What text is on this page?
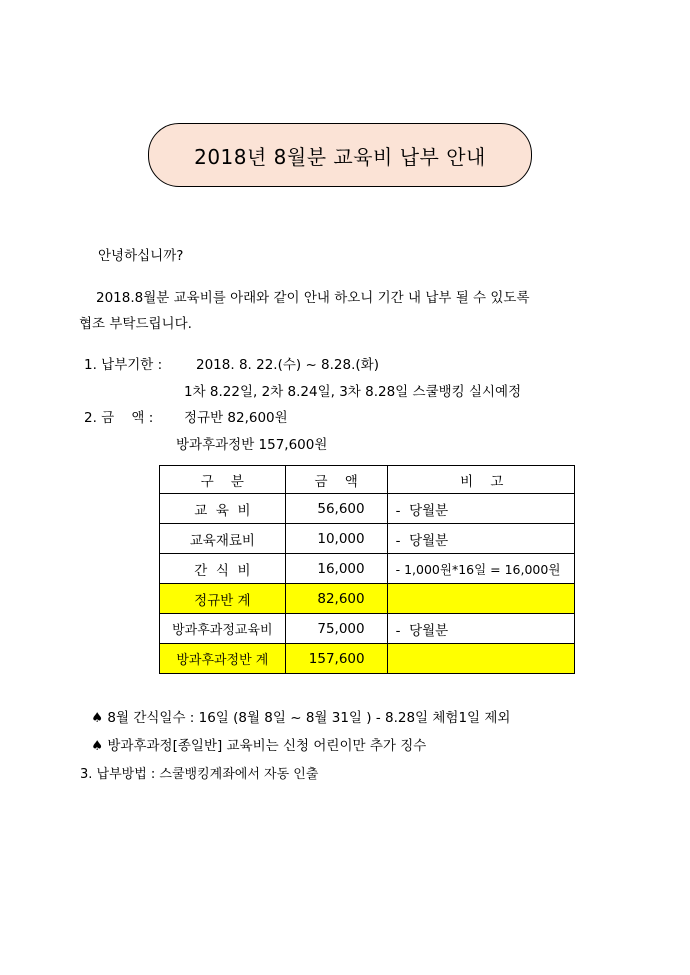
2018년 8월분 교육비 납부 안내
안녕하십니까?
2018.8월분 교육비를 아래와 같이 안내 하오니 기간 내 납부 될 수 있도록
협조 부탁드립니다.
1. 납부기한 :	2018. 8. 22.(수) ~ 8.28.(화)
1차 8.22일, 2차 8.24일, 3차 8.28일 스쿨뱅킹 실시예정
2. 금    액 : 정규반 82,600원
방과후과정반 157,600원
구    분	금    액	비    고
교  육  비	56,600	-  당월분
교육재료비	10,000	-  당월분
간  식  비	16,000	- 1,000원*16일 = 16,000원
정규반 계	82,600	
방과후과정교육비	75,000	-  당월분
방과후과정반 계	157,600	
♠ 8월 간식일수 : 16일 (8월 8일 ~ 8월 31일 ) - 8.28일 체험1일 제외
♠ 방과후과정[종일반] 교육비는 신청 어린이만 추가 징수
3. 납부방법 : 스쿨뱅킹계좌에서 자동 인출
